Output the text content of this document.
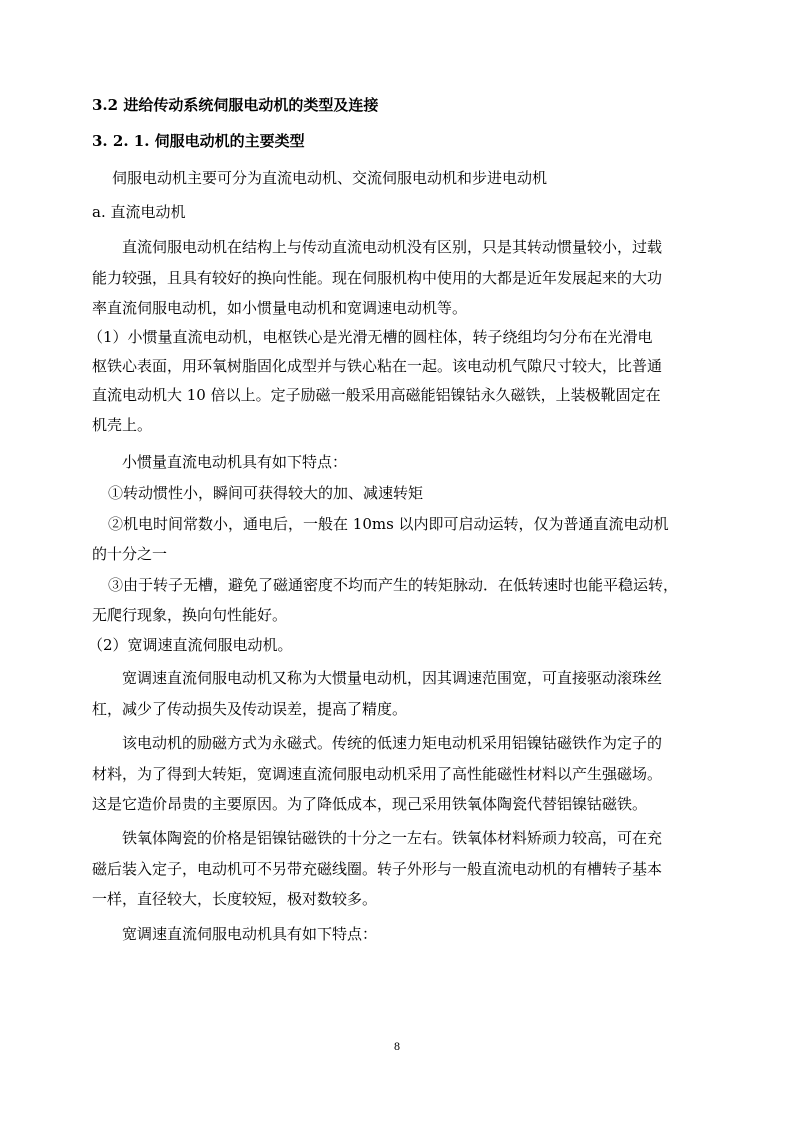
3.2 进给传动系统伺服电动机的类型及连接
3. 2. 1. 伺服电动机的主要类型
伺服电动机主要可分为直流电动机、交流伺服电动机和步进电动机
a. 直流电动机
直流伺服电动机在结构上与传动直流电动机没有区别，只是其转动惯量较小，过载
能力较强，且具有较好的换向性能。现在伺服机构中使用的大都是近年发展起来的大功
率直流伺服电动机，如小惯量电动机和宽调速电动机等。
（1）小惯量直流电动机，电枢铁心是光滑无槽的圆柱体，转子绕组均匀分布在光滑电
枢铁心表面，用环氧树脂固化成型并与铁心粘在一起。该电动机气隙尺寸较大，比普通
直流电动机大 10 倍以上。定子励磁一般采用高磁能铝镍钴永久磁铁，上装极靴固定在
机壳上。
小惯量直流电动机具有如下特点：
①转动惯性小，瞬间可获得较大的加、减速转矩
②机电时间常数小，通电后，一般在 10ms 以内即可启动运转，仅为普通直流电动机
的十分之一
③由于转子无槽，避免了磁通密度不均而产生的转矩脉动．在低转速时也能平稳运转，
无爬行现象，换向句性能好。
（2）宽调速直流伺服电动机。
宽调速直流伺服电动机又称为大惯量电动机，因其调速范围宽，可直接驱动滚珠丝
杠，减少了传动损失及传动误差，提高了精度。
该电动机的励磁方式为永磁式。传统的低速力矩电动机采用铝镍钴磁铁作为定子的
材料，为了得到大转矩，宽调速直流伺服电动机采用了高性能磁性材料以产生强磁场。
这是它造价昂贵的主要原因。为了降低成本，现己采用铁氧体陶瓷代替铝镍钴磁铁。
铁氧体陶瓷的价格是铝镍钴磁铁的十分之一左右。铁氧体材料矫顽力较高，可在充
磁后装入定子，电动机可不另带充磁线圈。转子外形与一般直流电动机的有槽转子基本
一样，直径较大，长度较短，极对数较多。
宽调速直流伺服电动机具有如下特点：
8
